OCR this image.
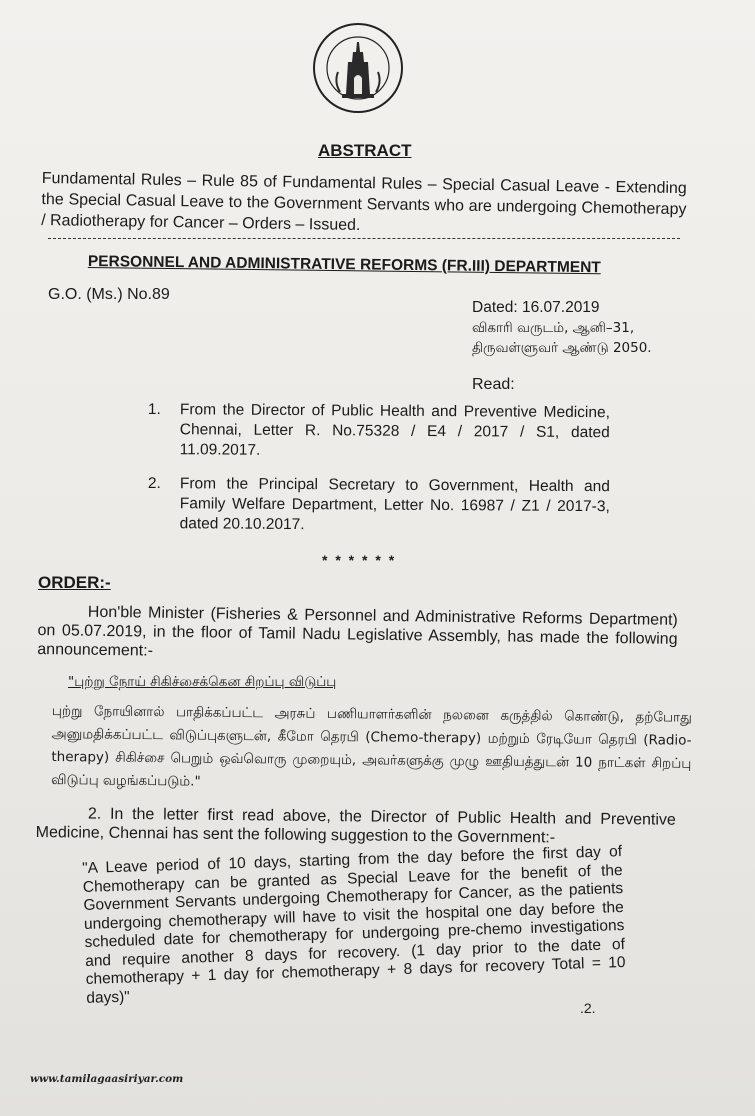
ABSTRACT
Fundamental Rules – Rule 85 of Fundamental Rules – Special Casual Leave - Extending the Special Casual Leave to the Government Servants who are undergoing Chemotherapy / Radiotherapy for Cancer – Orders – Issued.
PERSONNEL AND ADMINISTRATIVE REFORMS (FR.III) DEPARTMENT
G.O. (Ms.) No.89
Dated: 16.07.2019
விகாரி வருடம், ஆனி–31,
திருவள்ளுவர் ஆண்டு 2050.
Read:
1.	From the Director of Public Health and Preventive Medicine, Chennai, Letter R. No.75328 / E4 / 2017 / S1, dated 11.09.2017.
2.	From the Principal Secretary to Government, Health and Family Welfare Department, Letter No. 16987 / Z1 / 2017-3, dated 20.10.2017.
* * * * * *
ORDER:-
Hon'ble Minister (Fisheries & Personnel and Administrative Reforms Department) on 05.07.2019, in the floor of Tamil Nadu Legislative Assembly, has made the following announcement:-
"புற்று நோய் சிகிச்சைக்கென சிறப்பு விடுப்பு
புற்று நோயினால் பாதிக்கப்பட்ட அரசுப் பணியாளர்களின் நலனை கருத்தில் கொண்டு, தற்போது அனுமதிக்கப்பட்ட விடுப்புகளுடன், கீமோ தெரபி (Chemo-therapy) மற்றும் ரேடியோ தெரபி (Radio-therapy) சிகிச்சை பெறும் ஒவ்வொரு முறையும், அவர்களுக்கு முழு ஊதியத்துடன் 10 நாட்கள் சிறப்பு விடுப்பு வழங்கப்படும்."
2. In the letter first read above, the Director of Public Health and Preventive Medicine, Chennai has sent the following suggestion to the Government:-
"A Leave period of 10 days, starting from the day before the first day of Chemotherapy can be granted as Special Leave for the benefit of the Government Servants undergoing Chemotherapy for Cancer, as the patients undergoing chemotherapy will have to visit the hospital one day before the scheduled date for chemotherapy for undergoing pre-chemo investigations and require another 8 days for recovery. (1 day prior to the date of chemotherapy + 1 day for chemotherapy + 8 days for recovery Total = 10 days)"
.2.
www.tamilagaasiriyar.com
